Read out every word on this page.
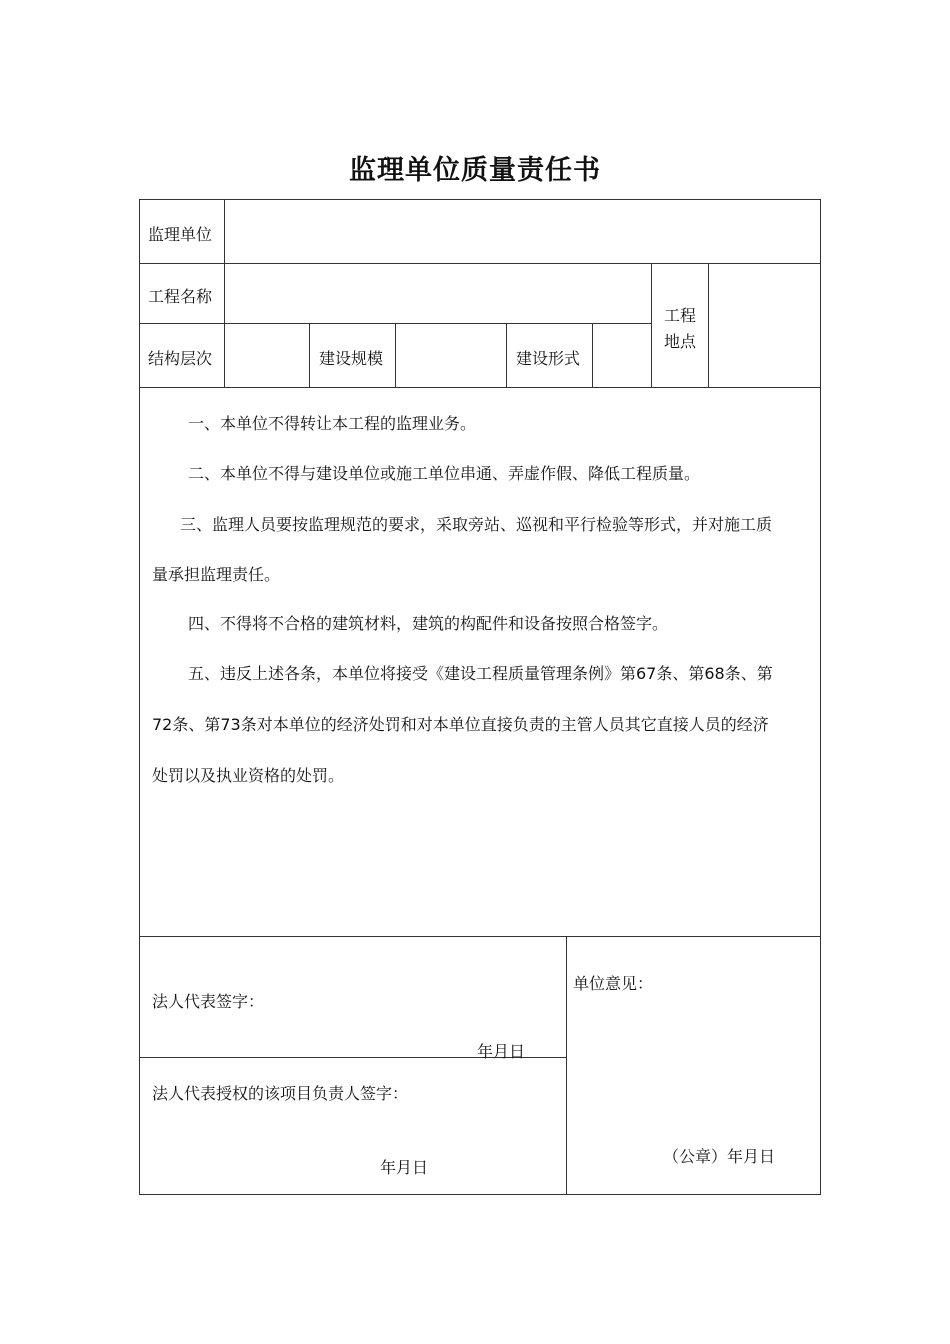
监理单位质量责任书
监理单位
工程名称
工程
地点
结构层次	建设规模	建设形式
一、本单位不得转让本工程的监理业务。
二、本单位不得与建设单位或施工单位串通、弄虚作假、降低工程质量。
三、监理人员要按监理规范的要求，采取旁站、巡视和平行检验等形式，并对施工质
量承担监理责任。
四、不得将不合格的建筑材料，建筑的构配件和设备按照合格签字。
五、违反上述各条，本单位将接受《建设工程质量管理条例》第67条、第68条、第
72条、第73条对本单位的经济处罚和对本单位直接负责的主管人员其它直接人员的经济
处罚以及执业资格的处罚。
法人代表签字：
年月日
法人代表授权的该项目负责人签字：
年月日
单位意见：
（公章）年月日
